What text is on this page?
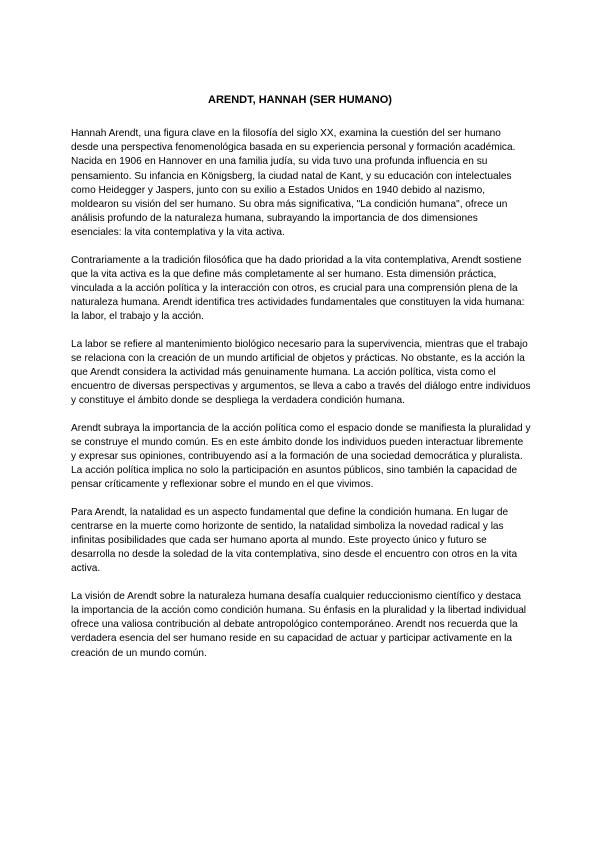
ARENDT, HANNAH (SER HUMANO)

Hannah Arendt, una figura clave en la filosofía del siglo XX, examina la cuestión del ser humano desde una perspectiva fenomenológica basada en su experiencia personal y formación académica. Nacida en 1906 en Hannover en una familia judía, su vida tuvo una profunda influencia en su pensamiento. Su infancia en Königsberg, la ciudad natal de Kant, y su educación con intelectuales como Heidegger y Jaspers, junto con su exilio a Estados Unidos en 1940 debido al nazismo, moldearon su visión del ser humano. Su obra más significativa, "La condición humana", ofrece un análisis profundo de la naturaleza humana, subrayando la importancia de dos dimensiones esenciales: la vita contemplativa y la vita activa.

Contrariamente a la tradición filosófica que ha dado prioridad a la vita contemplativa, Arendt sostiene que la vita activa es la que define más completamente al ser humano. Esta dimensión práctica, vinculada a la acción política y la interacción con otros, es crucial para una comprensión plena de la naturaleza humana. Arendt identifica tres actividades fundamentales que constituyen la vida humana: la labor, el trabajo y la acción.

La labor se refiere al mantenimiento biológico necesario para la supervivencia, mientras que el trabajo se relaciona con la creación de un mundo artificial de objetos y prácticas. No obstante, es la acción la que Arendt considera la actividad más genuinamente humana. La acción política, vista como el encuentro de diversas perspectivas y argumentos, se lleva a cabo a través del diálogo entre individuos y constituye el ámbito donde se despliega la verdadera condición humana.

Arendt subraya la importancia de la acción política como el espacio donde se manifiesta la pluralidad y se construye el mundo común. Es en este ámbito donde los individuos pueden interactuar libremente y expresar sus opiniones, contribuyendo así a la formación de una sociedad democrática y pluralista. La acción política implica no solo la participación en asuntos públicos, sino también la capacidad de pensar críticamente y reflexionar sobre el mundo en el que vivimos.

Para Arendt, la natalidad es un aspecto fundamental que define la condición humana. En lugar de centrarse en la muerte como horizonte de sentido, la natalidad simboliza la novedad radical y las infinitas posibilidades que cada ser humano aporta al mundo. Este proyecto único y futuro se desarrolla no desde la soledad de la vita contemplativa, sino desde el encuentro con otros en la vita activa.

La visión de Arendt sobre la naturaleza humana desafía cualquier reduccionismo científico y destaca la importancia de la acción como condición humana. Su énfasis en la pluralidad y la libertad individual ofrece una valiosa contribución al debate antropológico contemporáneo. Arendt nos recuerda que la verdadera esencia del ser humano reside en su capacidad de actuar y participar activamente en la creación de un mundo común.
